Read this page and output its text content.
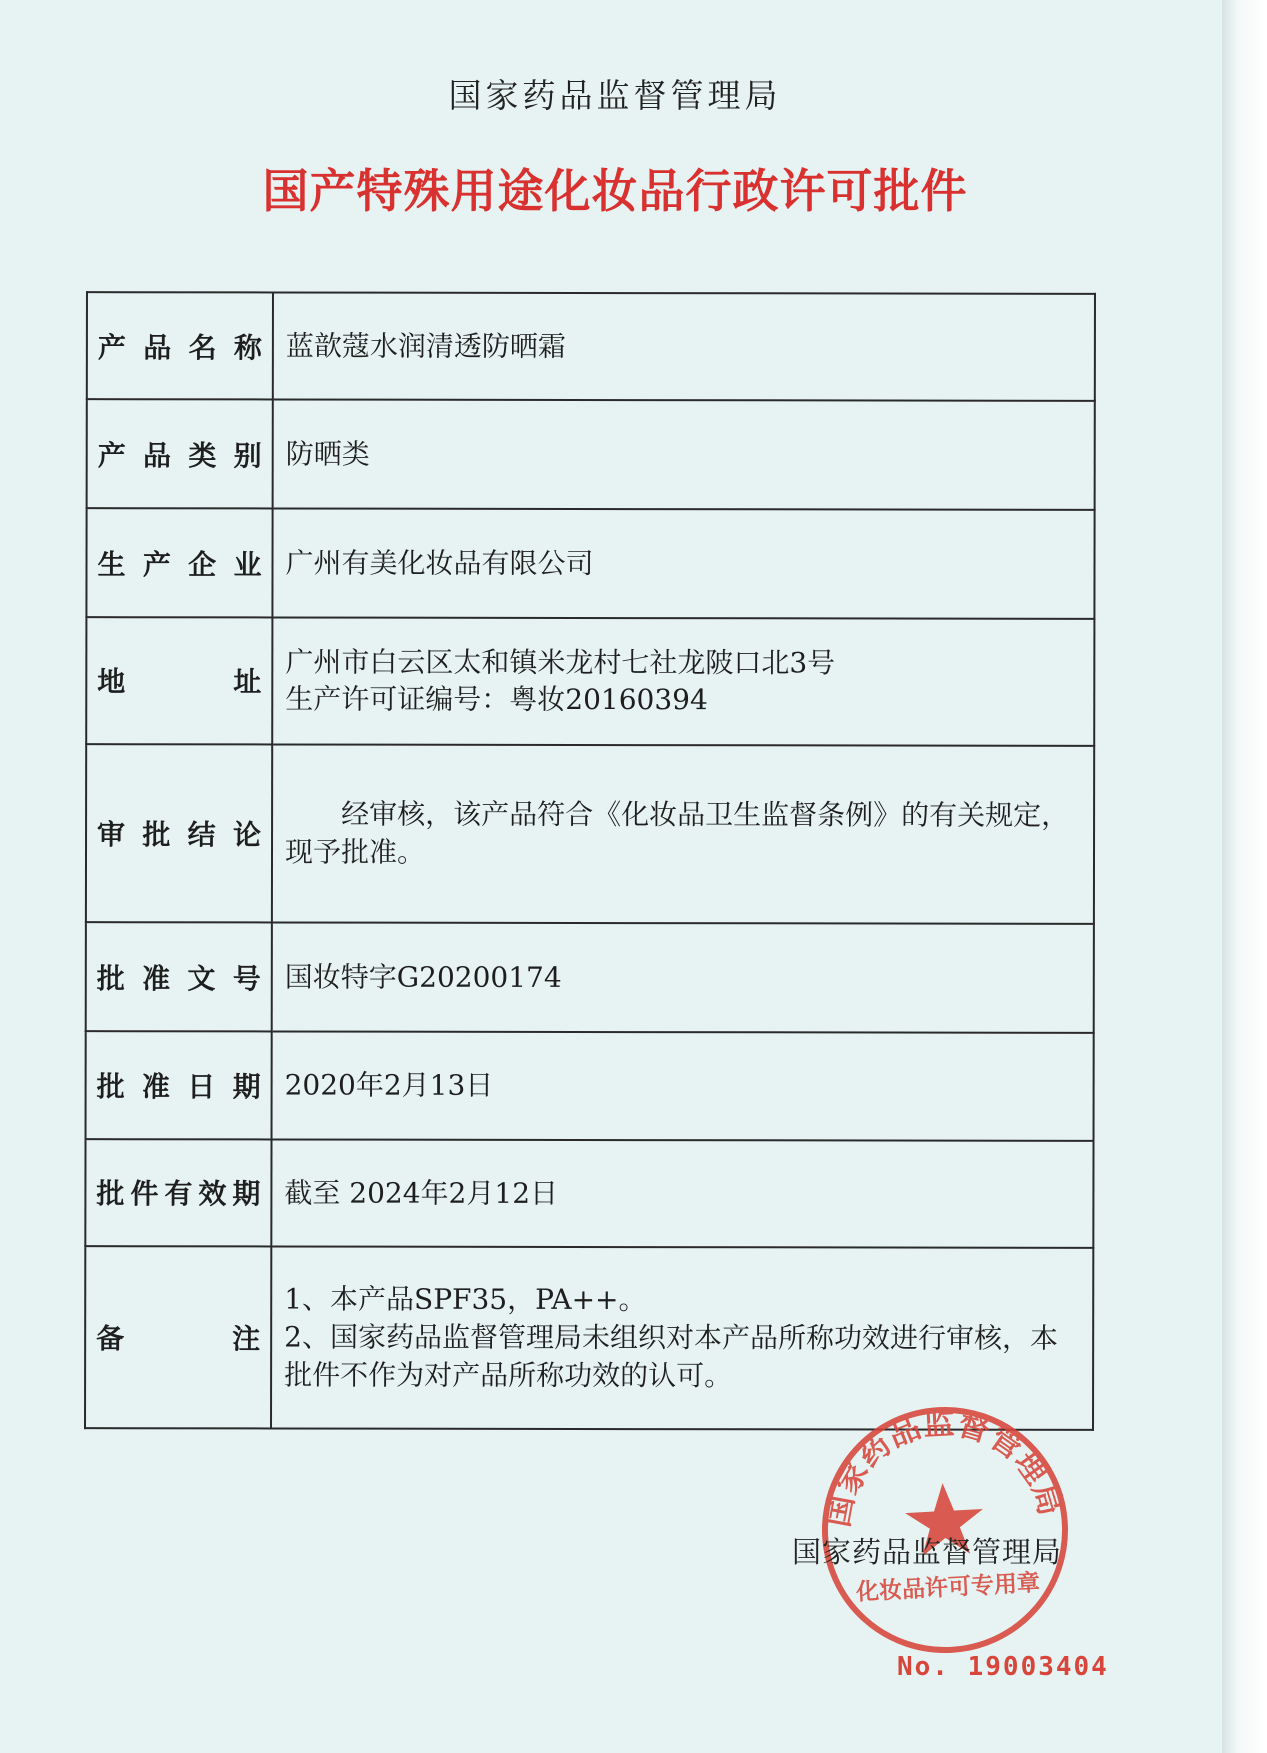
国家药品监督管理局
国产特殊用途化妆品行政许可批件
产品名称	蓝歆蔻水润清透防晒霜

产品类别	防晒类

生产企业	广州有美化妆品有限公司

地址	广州市白云区太和镇米龙村七社龙陂口北3号
生产许可证编号：粤妆20160394

审批结论	经审核，该产品符合《化妆品卫生监督条例》的有关规定，现予批准。

批准文号	国妆特字G20200174

批准日期	2020年2月13日

批件有效期	截至 2024年2月12日

备注	1、本产品SPF35，PA++。
2、国家药品监督管理局未组织对本产品所称功效进行审核，本批件不作为对产品所称功效的认可。
国家药品监督管理局
化妆品许可专用章
国家药品监督管理局
No. 19003404
